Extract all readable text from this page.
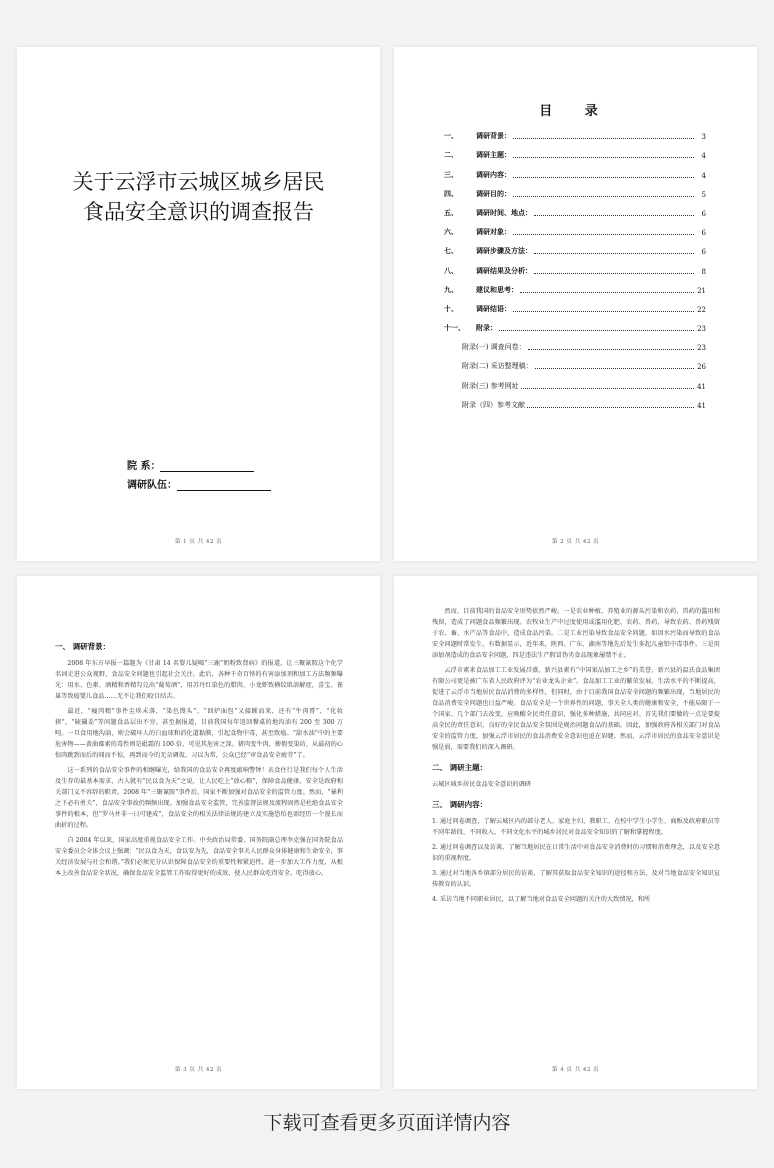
关于云浮市云城区城乡居民
食品安全意识的调查报告
院 系：
调研队伍：
第 1 页 共 42 页
目 录
一、	调研背景：	3
二、	调研主题：	4
三、	调研内容：	4
四、	调研目的：	5
五、	调研时间、地点：	6
六、	调研对象：	6
七、	调研步骤及方法：	6
八、	调研结果及分析：	8
九、	建议和思考：	21
十、	调研结语：	22
十一、	附录：	23
附录(一) 调查问卷：	23
附录(二) 采访整理稿：	26
附录(三) 参考网址	41
附录（四）参考文献	41
第 2 页 共 42 页
一、 调研背景：

2008 年东方早报一篇题为《甘肃 14 名婴儿疑喝“三鹿”奶粉致肾病》的报道，让三聚氰胺这个化学名词走进公众视野，食品安全问题也引起社会关注。此后，各种千奇百怪的有害添加剂和加工方法频频曝光：用水、色素、酒精和香精勾兑出“葡萄酒”，用苏丹红染色的腊肉，小龙虾致横纹肌溶解症，喜宝、雀巢等致癌婴儿食品……无不让我们咬目结舌。

最近，“瘦肉精”事件尘埃未落，“染色馒头”、“回炉面包”又接踵而来，还有“牛肉膏”、“化妆猪”、“硫磺姜”等问题食品层出不穷。甚至据报道，目前我国每年返回餐桌的地沟油有 200 至 300 万吨。一旦食用地沟油，则会破坏人的白血球和消化道黏膜，引起食物中毒，甚至致癌。“甜水油”中的主要危害物——黄曲霉素的毒性则是砒霜的 100 倍，可见其危害之深。猪肉变牛肉，掺假变染坊，从最初的心惊肉跳到而后的闻而不惊，再到而今的无奈调侃、习以为常，公众已经“审食品安全疲劳”了。

这一系列的食品安全事件的相继曝光，给我国的食品安全再度敲响警钟！衣食住行是我们每个人生活及生存的最基本需求，古人就有“民以食为天”之说，让人民吃上“放心粮”，保障食品健康、安全是政府相关部门义不容辞的职责。2008 年“三聚氰胺”事件后，国家不断加强对食品安全的监管力度。然而，“暴利之下必有勇夫”，食品安全事故仍频频出现。加强食品安全监管，完善监督法规及流程固然是杜绝食品安全事件的根本，但“罗马并非一日可建成”，食品安全的相关法律法规的建立及实施恐怕也需经历一个漫长而曲折的过程。

自 2004 年以来，国家高度重视食品安全工作。中央政治局常委、国务院副总理李克强在国务院食品安全委员会全体会议上强调：“民以食为天，食以安为先，食品安全事关人民群众身体健康和生命安全，事关经济发展与社会和谐。”我们必须充分认识保障食品安全的重要性和紧迫性，进一步加大工作力度，从根本上改善食品安全状况，确保食品安全监管工作取得更好的成效，使人民群众吃得安全、吃得放心。

第 3 页 共 42 页

然而，目前我国的食品安全形势依然严峻。一是农业种植、养殖业的源头污染和农药、兽药的滥用和残留，造成了问题食品频繁出现。农牧业生产中过度使用或滥用化肥、农药、兽药，导致农药、兽药残留于农、畜、水产品等食品中，造成食品污染。二是工业污染导致食品安全问题，如因水污染而导致的食品安全问题时常发生，有数据显示，近年来，陕西、广东、湖南等地先后发生多起儿童铅中毒事件。三是用添加剂造成的食品安全问题，四是违法生产假冒伪劣食品现象屡禁不止。

云浮市素来食品加工工业发展昌盛，新兴县素有“中国果品加工之乡”的美誉，新兴县的温氏食品集团有限公司更是被广东省人民政府评为“农业龙头企业”。食品加工工业的繁荣发展，生活水平的不断提高，促进了云浮市当地居民食品消费的多样性，但同时，由于目前我国食品安全问题的频繁出现，当地居民的食品消费安全问题也日益严峻。食品安全是一个世界性的问题，事关全人类的健康和安全，不能局限于一个国家、几个部门去改变，应唤醒全民责任意识，强化多种措施，共同应对。首先我们要做的一点是要提高全民的责任意识，良好的全民食品安全氛围是规治问题食品的基础。因此，加强政府各相关部门对食品安全的监管力度，加强云浮市居民的食品消费安全意识也迫在眉睫。然而，云浮市居民的食品安全意识是强是弱，需要我们的深入调研。

二、 调研主题：

云城区城乡居民食品安全意识的调研

三、 调研内容：

1. 通过问卷调查，了解云城区内的部分老人、家庭主妇、教职工、在校中学生小学生、商贩及政府职员等不同年龄段、不同收入、不同文化水平的城乡居民对食品安全知识的了解和掌握程度。

2. 通过问卷调查以及访谈，了解当地居民在日常生活中对食品安全消费时的习惯和消费理念，以及安全意识的重视程度。

3. 通过对当地各乡镇部分居民的访谈，了解其获取食品安全知识的途径和方法，及对当地食品安全知识宣传教育的认识。

4. 采访当地不同职业居民，以了解当地对食品安全问题的关注的大致情况，和所

第 4 页 共 42 页
下载可查看更多页面详情内容
